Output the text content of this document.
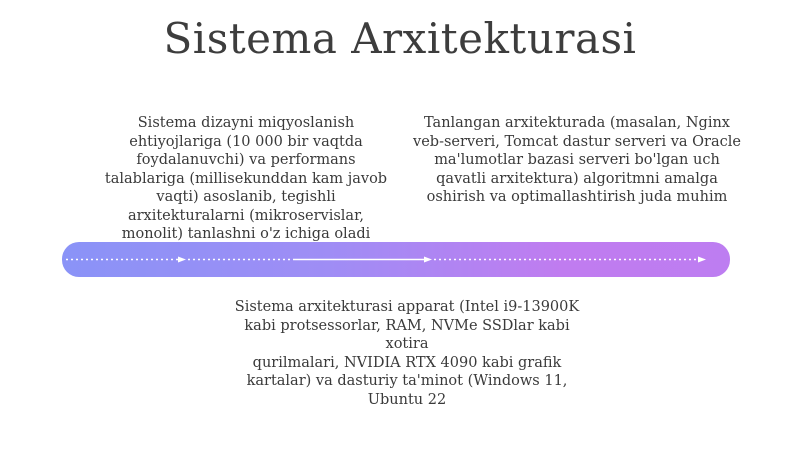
Sistema Arxitekturasi
Sistema dizayni miqyoslanish
ehtiyojlariga (10 000 bir vaqtda
foydalanuvchi) va performans
talablariga (millisekunddan kam javob
vaqti) asoslanib, tegishli
arxitekturalarni (mikroservislar,
monolit) tanlashni o'z ichiga oladi
Tanlangan arxitekturada (masalan, Nginx
veb-serveri, Tomcat dastur serveri va Oracle
ma'lumotlar bazasi serveri bo'lgan uch
qavatli arxitektura) algoritmni amalga
oshirish va optimallashtirish juda muhim
Sistema arxitekturasi apparat (Intel i9-13900K
kabi protsessorlar, RAM, NVMe SSDlar kabi xotira
qurilmalari, NVIDIA RTX 4090 kabi grafik
kartalar) va dasturiy ta'minot (Windows 11,
Ubuntu 22
